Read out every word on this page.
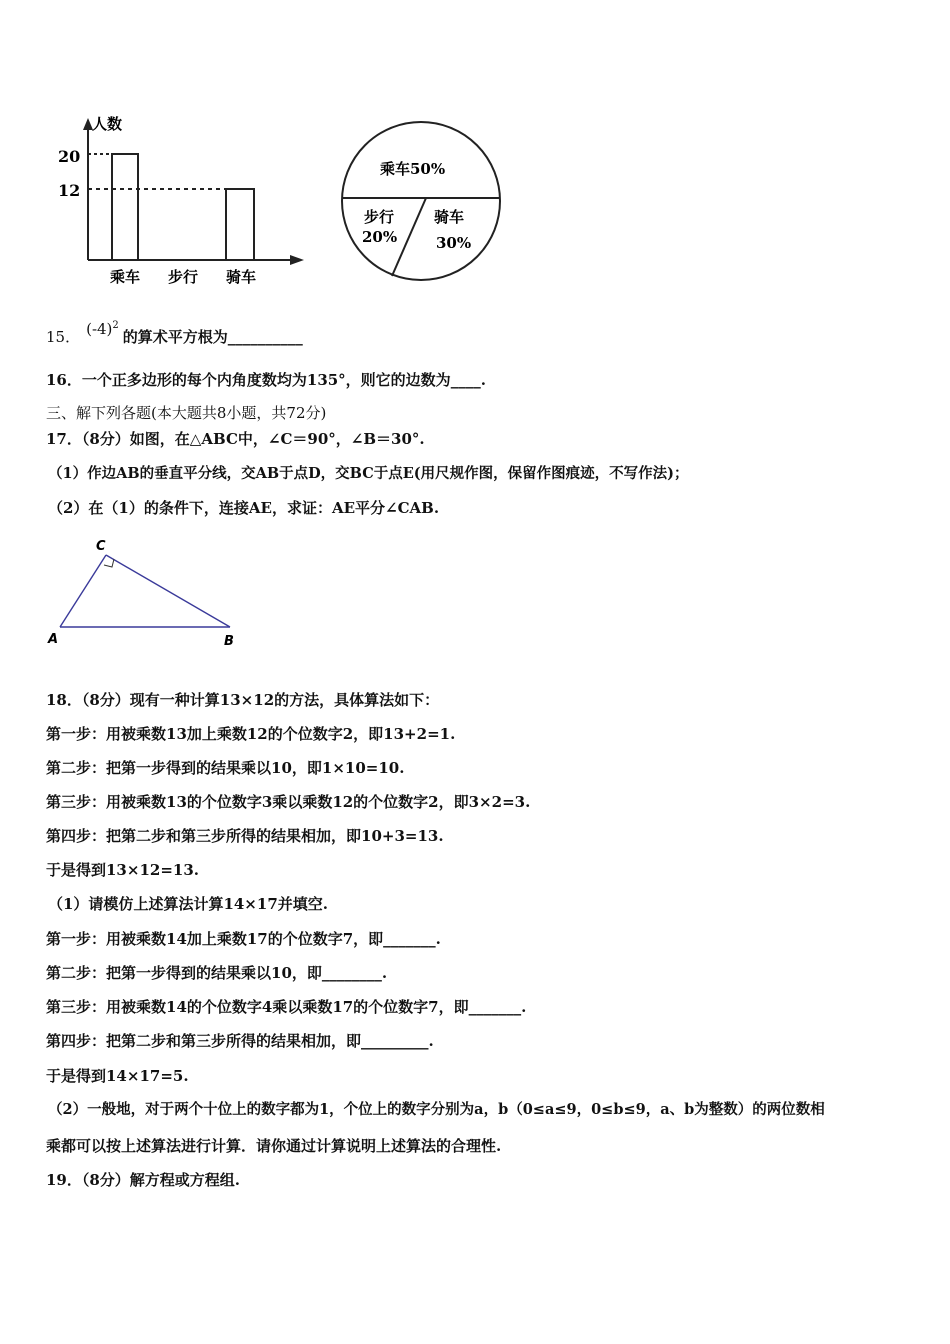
人数
20
12
乘车 步行 骑车
乘车50%
步行
20%
骑车
30%
15． $(-4)^2$的算术平方根为__________
16．一个正多边形的每个内角度数均为135°，则它的边数为____.
三、解下列各题(本大题共8小题，共72分)
17．（8分）如图，在△ABC中，∠C＝90°，∠B＝30°.
（1）作边AB的垂直平分线，交AB于点D，交BC于点E(用尺规作图，保留作图痕迹，不写作法)；
（2）在（1）的条件下，连接AE，求证：AE平分∠CAB.
A	B
C
18．（8分）现有一种计算13×12的方法，具体算法如下：
第一步：用被乘数13加上乘数12的个位数字2，即13+2=1.
第二步：把第一步得到的结果乘以10，即1×10=10.
第三步：用被乘数13的个位数字3乘以乘数12的个位数字2，即3×2=3.
第四步：把第二步和第三步所得的结果相加，即10+3=13.
于是得到13×12=13.
（1）请模仿上述算法计算14×17并填空.
第一步：用被乘数14加上乘数17的个位数字7，即_______.
第二步：把第一步得到的结果乘以10，即________.
第三步：用被乘数14的个位数字4乘以乘数17的个位数字7，即_______.
第四步：把第二步和第三步所得的结果相加，即_________.
于是得到14×17=5.
（2）一般地，对于两个十位上的数字都为1，个位上的数字分别为a，b（0≤a≤9，0≤b≤9，a、b为整数）的两位数相
乘都可以按上述算法进行计算．请你通过计算说明上述算法的合理性.
19．（8分）解方程或方程组.
